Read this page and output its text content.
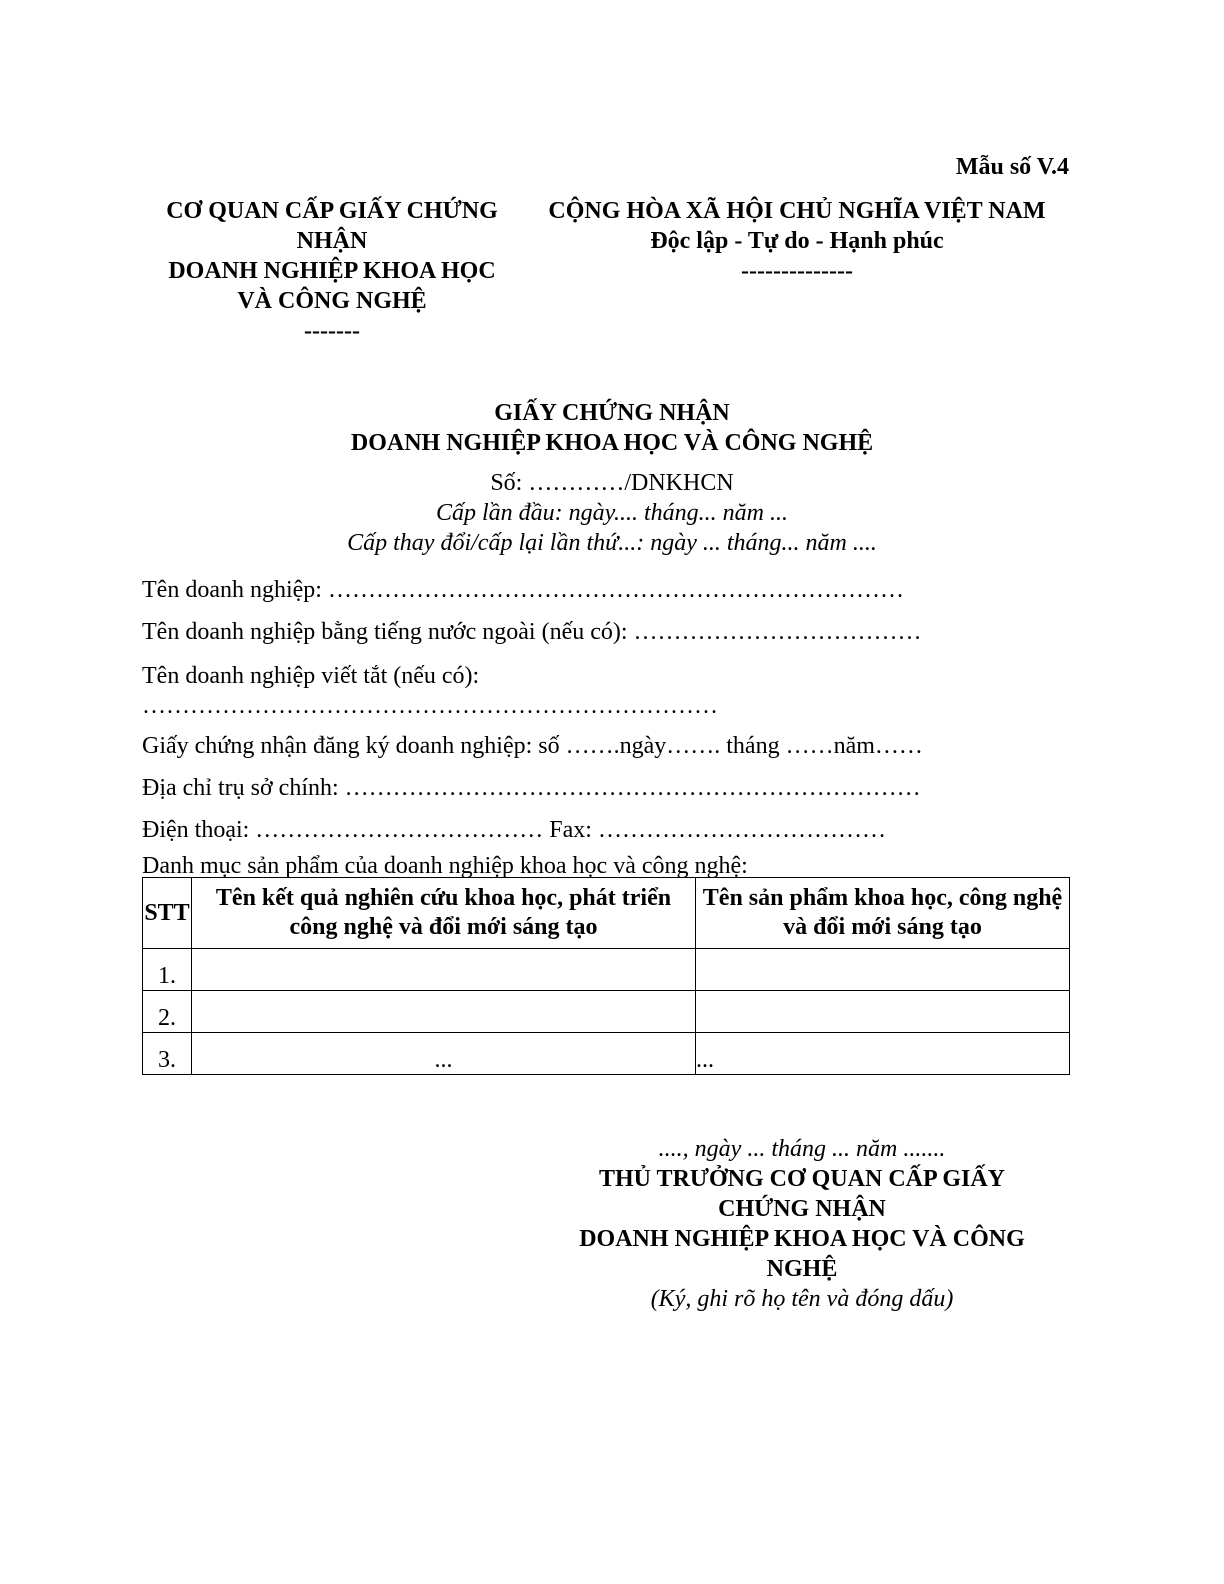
Mẫu số V.4
CƠ QUAN CẤP GIẤY CHỨNG NHẬN
DOANH NGHIỆP KHOA HỌC
VÀ CÔNG NGHỆ
-------
CỘNG HÒA XÃ HỘI CHỦ NGHĨA VIỆT NAM
Độc lập - Tự do - Hạnh phúc
--------------
GIẤY CHỨNG NHẬN
DOANH NGHIỆP KHOA HỌC VÀ CÔNG NGHỆ
Số: …………/DNKHCN
Cấp lần đầu: ngày.... tháng... năm ...
Cấp thay đổi/cấp lại lần thứ...: ngày ... tháng... năm ....
Tên doanh nghiệp: ………………………………………………………………
Tên doanh nghiệp bằng tiếng nước ngoài (nếu có): ………………………………
Tên doanh nghiệp viết tắt (nếu có):
………………………………………………………………
Giấy chứng nhận đăng ký doanh nghiệp: số …….ngày……. tháng ……năm……
Địa chỉ trụ sở chính: ………………………………………………………………
Điện thoại: ……………………………… Fax: ………………………………
Danh mục sản phẩm của doanh nghiệp khoa học và công nghệ:
STT	Tên kết quả nghiên cứu khoa học, phát triển công nghệ và đổi mới sáng tạo	Tên sản phẩm khoa học, công nghệ và đổi mới sáng tạo
1.		
2.		
3.	...	...
...., ngày ... tháng ... năm .......
THỦ TRƯỞNG CƠ QUAN CẤP GIẤY
CHỨNG NHẬN
DOANH NGHIỆP KHOA HỌC VÀ CÔNG
NGHỆ
(Ký, ghi rõ họ tên và đóng dấu)
